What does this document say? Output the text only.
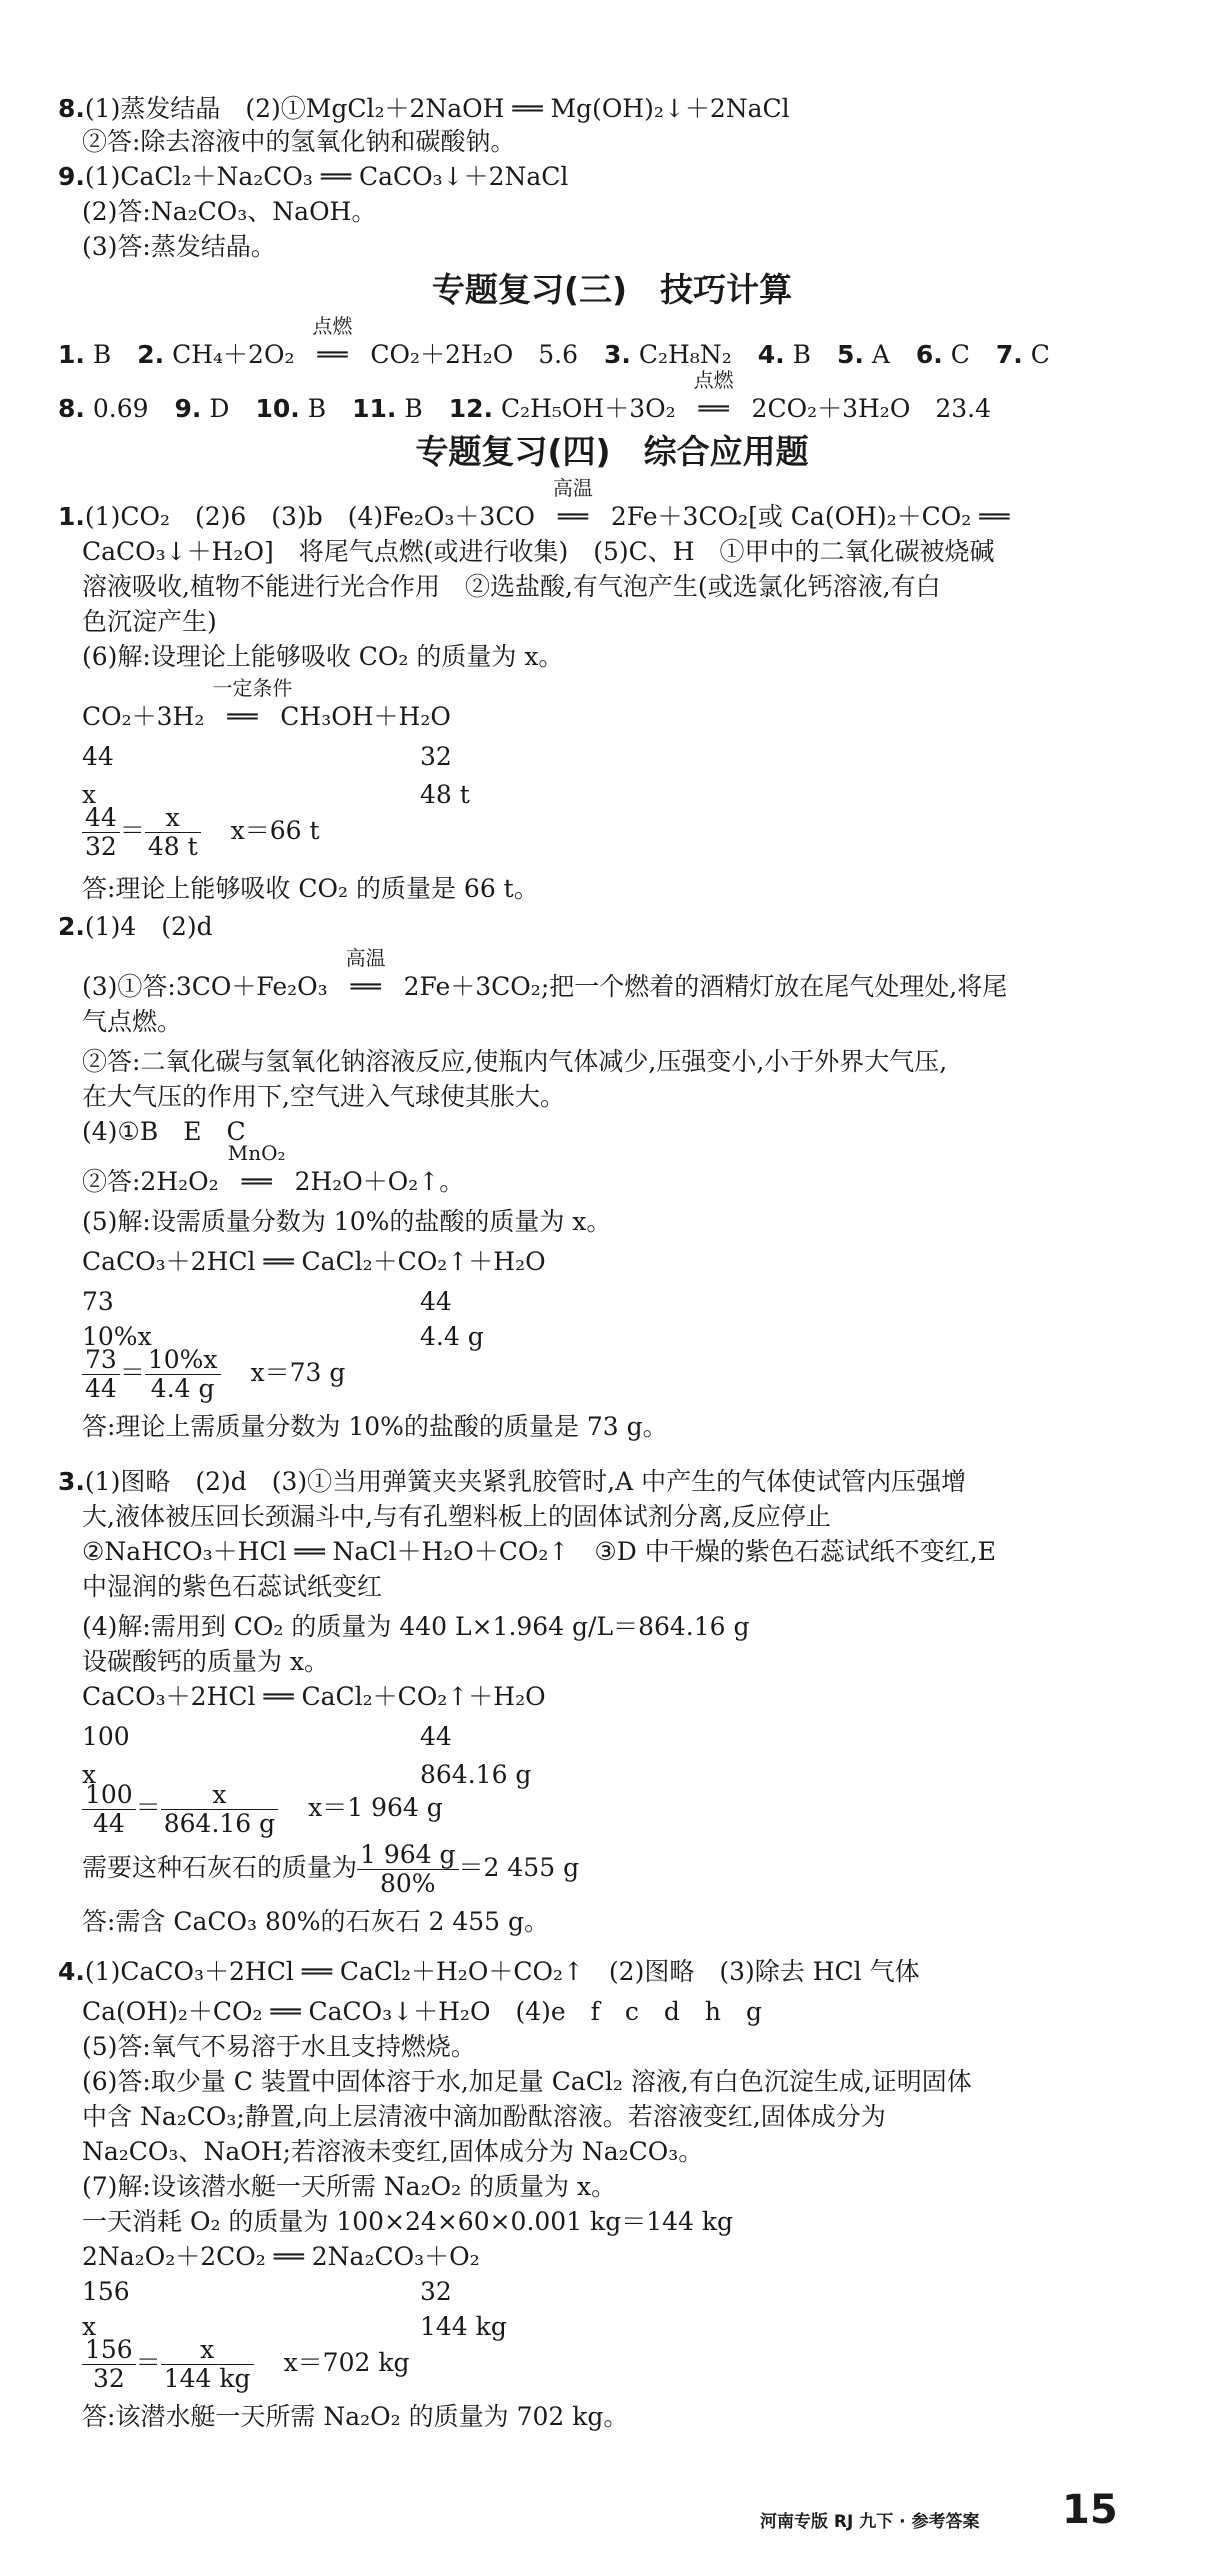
8.(1)蒸发结晶　(2)①MgCl₂＋2NaOH ══ Mg(OH)₂↓＋2NaCl
②答:除去溶液中的氢氧化钠和碳酸钠。
9.(1)CaCl₂＋Na₂CO₃ ══ CaCO₃↓＋2NaCl
(2)答:Na₂CO₃、NaOH。
(3)答:蒸发结晶。
专题复习(三)　技巧计算
1. B 2. CH₄＋2O₂ ══
点燃
CO₂＋2H₂O　5.6 3. C₂H₈N₂ 4. B 5. A 6. C 7. C
8. 0.69 9. D 10. B 11. B 12. C₂H₅OH＋3O₂ ══
点燃
2CO₂＋3H₂O　23.4
专题复习(四)　综合应用题
1.(1)CO₂　(2)6　(3)b　(4)Fe₂O₃＋3CO ══
高温
2Fe＋3CO₂[或 Ca(OH)₂＋CO₂ ══
CaCO₃↓＋H₂O]　将尾气点燃(或进行收集)　(5)C、H　①甲中的二氧化碳被烧碱
溶液吸收,植物不能进行光合作用　②选盐酸,有气泡产生(或选氯化钙溶液,有白
色沉淀产生)
(6)解:设理论上能够吸收 CO₂ 的质量为 x。
CO₂＋3H₂ ══
一定条件
CH₃OH＋H₂O
44	32
x	48 t
$\frac{44}{32} = \frac{x}{48 t} x=66$ t
答:理论上能够吸收 CO₂ 的质量是 66 t。
2.(1)4　(2)d
(3)①答:3CO＋Fe₂O₃ ══
高温
2Fe＋3CO₂;把一个燃着的酒精灯放在尾气处理处,将尾
气点燃。
②答:二氧化碳与氢氧化钠溶液反应,使瓶内气体减少,压强变小,小于外界大气压,
在大气压的作用下,空气进入气球使其胀大。
(4)①B　E　C
②答:2H₂O₂ ══
MnO₂
2H₂O＋O₂↑。
(5)解:设需质量分数为 10%的盐酸的质量为 x。
CaCO₃＋2HCl ══ CaCl₂＋CO₂↑＋H₂O
73	44
10%x	4.4 g
$\frac{73}{44} = \frac{10\%x}{4.4 g} x=73$ g
答:理论上需质量分数为 10%的盐酸的质量是 73 g。
3.(1)图略　(2)d　(3)①当用弹簧夹夹紧乳胶管时,A 中产生的气体使试管内压强增
大,液体被压回长颈漏斗中,与有孔塑料板上的固体试剂分离,反应停止
②NaHCO₃＋HCl ══ NaCl＋H₂O＋CO₂↑　③D 中干燥的紫色石蕊试纸不变红,E
中湿润的紫色石蕊试纸变红
(4)解:需用到 CO₂ 的质量为 440 L×1.964 g/L＝864.16 g
设碳酸钙的质量为 x。
CaCO₃＋2HCl ══ CaCl₂＋CO₂↑＋H₂O
100	44
x	864.16 g
$\frac{100}{44} = \frac{x}{864.16 g} x=1$ 964 g
需要这种石灰石的质量为 $\frac{1 964 g}{80\%} =2$ 455 g
答:需含 CaCO₃ 80%的石灰石 2 455 g。
4.(1)CaCO₃＋2HCl ══ CaCl₂＋H₂O＋CO₂↑　(2)图略　(3)除去 HCl 气体
Ca(OH)₂＋CO₂ ══ CaCO₃↓＋H₂O　(4)e　f　c　d　h　g
(5)答:氧气不易溶于水且支持燃烧。
(6)答:取少量 C 装置中固体溶于水,加足量 CaCl₂ 溶液,有白色沉淀生成,证明固体
中含 Na₂CO₃;静置,向上层清液中滴加酚酞溶液。若溶液变红,固体成分为
Na₂CO₃、NaOH;若溶液未变红,固体成分为 Na₂CO₃。
(7)解:设该潜水艇一天所需 Na₂O₂ 的质量为 x。
一天消耗 O₂ 的质量为 100×24×60×0.001 kg＝144 kg
2Na₂O₂＋2CO₂ ══ 2Na₂CO₃＋O₂
156	32
x	144 kg
$\frac{156}{32} = \frac{x}{144 kg} x=702$ kg
答:该潜水艇一天所需 Na₂O₂ 的质量为 702 kg。
河南专版 RJ 九下 · 参考答案 15
